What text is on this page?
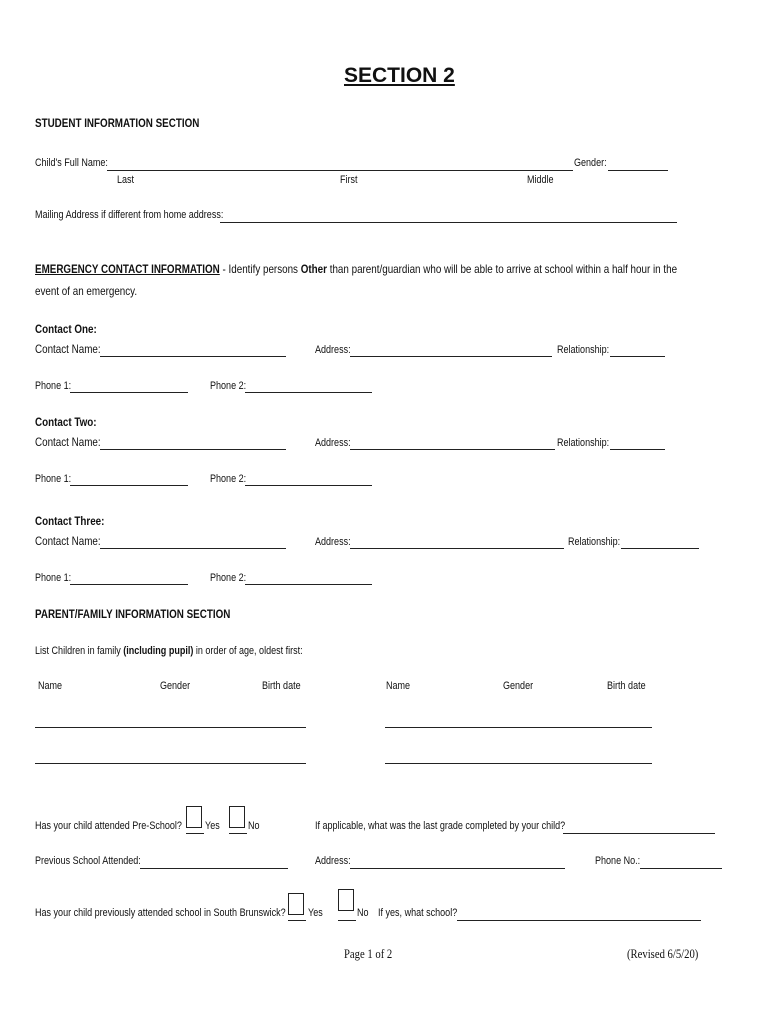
SECTION 2
STUDENT INFORMATION SECTION
Child's Full Name:	Gender:
Last	First	Middle
Mailing Address if different from home address:
EMERGENCY CONTACT INFORMATION - Identify persons Other than parent/guardian who will be able to arrive at school within a half hour in the
event of an emergency.
Contact One:
Contact Name:	Address:	Relationship:
Phone 1:	Phone 2:
Contact Two:
Contact Name:	Address:	Relationship:
Phone 1:	Phone 2:
Contact Three:
Contact Name:	Address:	Relationship:
Phone 1:	Phone 2:
PARENT/FAMILY INFORMATION SECTION
List Children in family (including pupil) in order of age, oldest first:
Name	Gender	Birth date	Name	Gender	Birth date
Has your child attended Pre-School?	Yes	No	If applicable, what was the last grade completed by your child?
Previous School Attended:	Address:	Phone No.:
Has your child previously attended school in South Brunswick?	Yes	No If yes, what school?
Page 1 of 2	(Revised 6/5/20)
